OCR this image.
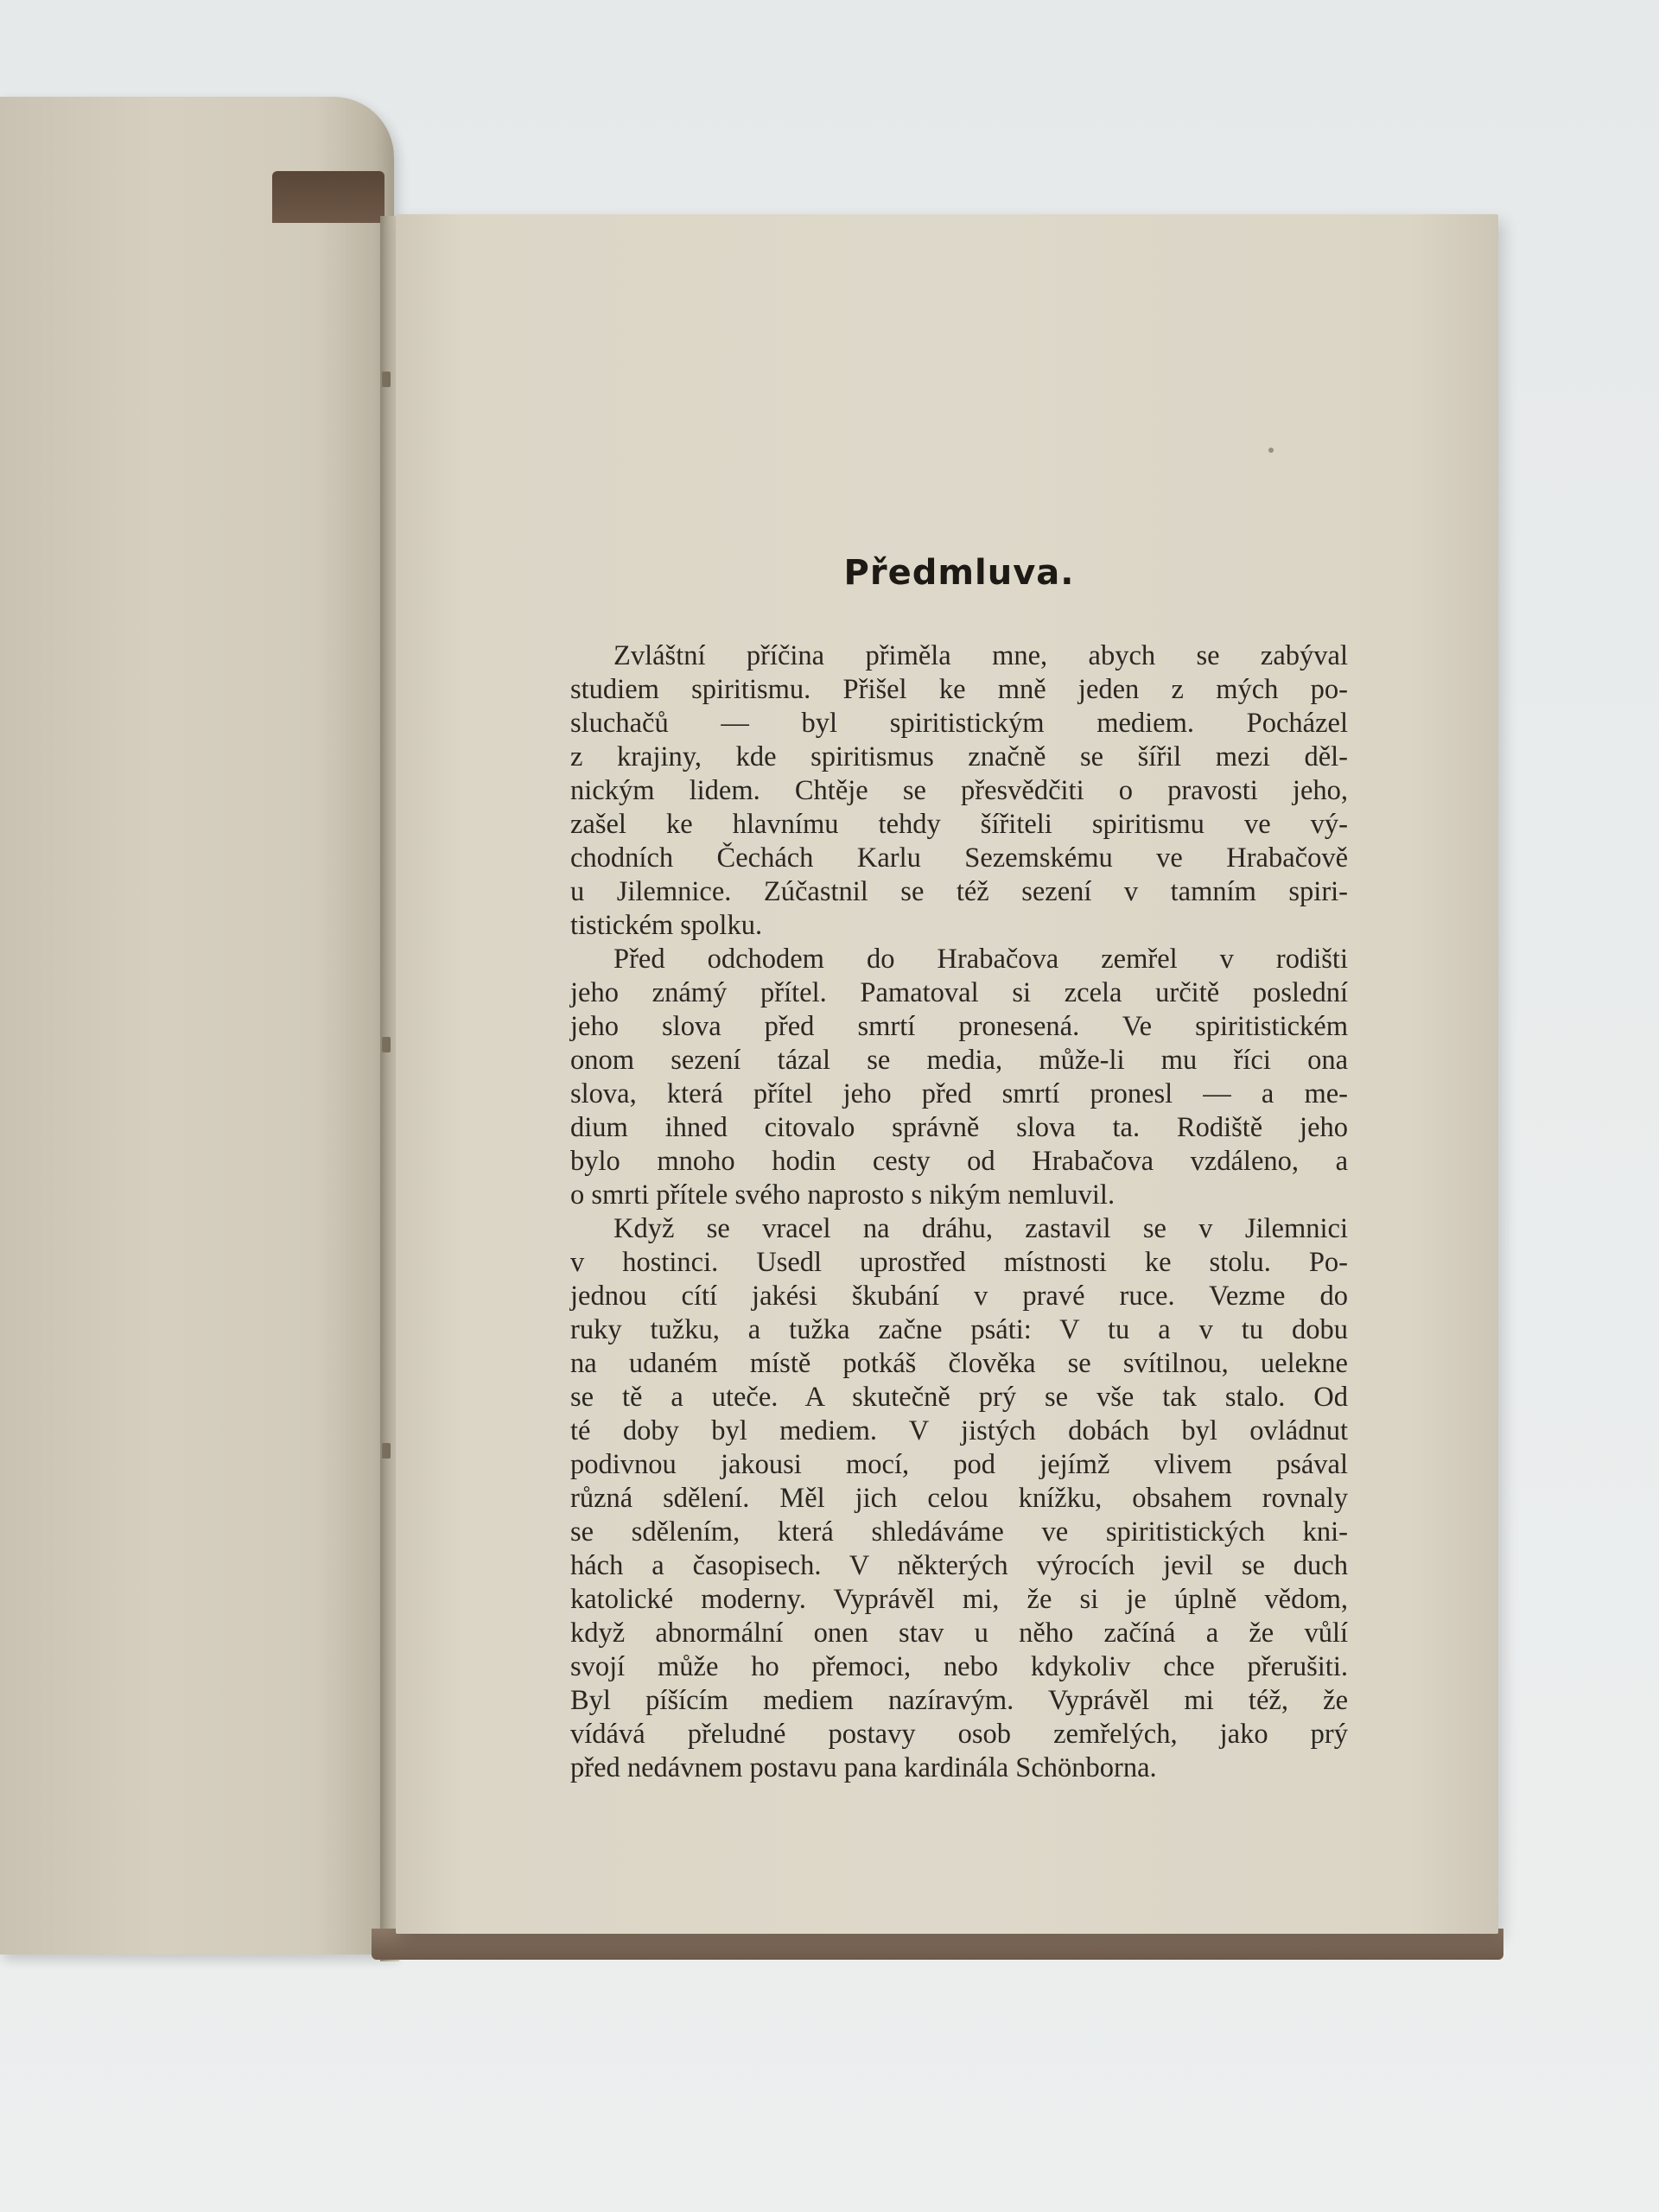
Předmluva.

Zvláštní příčina přiměla mne, abych se zabýval
studiem spiritismu. Přišel ke mně jeden z mých po-
sluchačů — byl spiritistickým mediem. Pocházel
z krajiny, kde spiritismus značně se šířil mezi děl-
nickým lidem. Chtěje se přesvědčiti o pravosti jeho,
zašel ke hlavnímu tehdy šířiteli spiritismu ve vý-
chodních Čechách Karlu Sezemskému ve Hrabačově
u Jilemnice. Zúčastnil se též sezení v tamním spiri-
tistickém spolku.

Před odchodem do Hrabačova zemřel v rodišti
jeho známý přítel. Pamatoval si zcela určitě poslední
jeho slova před smrtí pronesená. Ve spiritistickém
onom sezení tázal se media, může-li mu říci ona
slova, která přítel jeho před smrtí pronesl — a me-
dium ihned citovalo správně slova ta. Rodiště jeho
bylo mnoho hodin cesty od Hrabačova vzdáleno, a
o smrti přítele svého naprosto s nikým nemluvil.

Když se vracel na dráhu, zastavil se v Jilemnici
v hostinci. Usedl uprostřed místnosti ke stolu. Po-
jednou cítí jakési škubání v pravé ruce. Vezme do
ruky tužku, a tužka začne psáti: V tu a v tu dobu
na udaném místě potkáš člověka se svítilnou, uelekne
se tě a uteče. A skutečně prý se vše tak stalo. Od
té doby byl mediem. V jistých dobách byl ovládnut
podivnou jakousi mocí, pod jejímž vlivem psával
různá sdělení. Měl jich celou knížku, obsahem rovnaly
se sdělením, která shledáváme ve spiritistických kni-
hách a časopisech. V některých výrocích jevil se duch
katolické moderny. Vyprávěl mi, že si je úplně vědom,
když abnormální onen stav u něho začíná a že vůlí
svojí může ho přemoci, nebo kdykoliv chce přerušiti.
Byl píšícím mediem nazíravým. Vyprávěl mi též, že
vídává přeludné postavy osob zemřelých, jako prý
před nedávnem postavu pana kardinála Schönborna.
